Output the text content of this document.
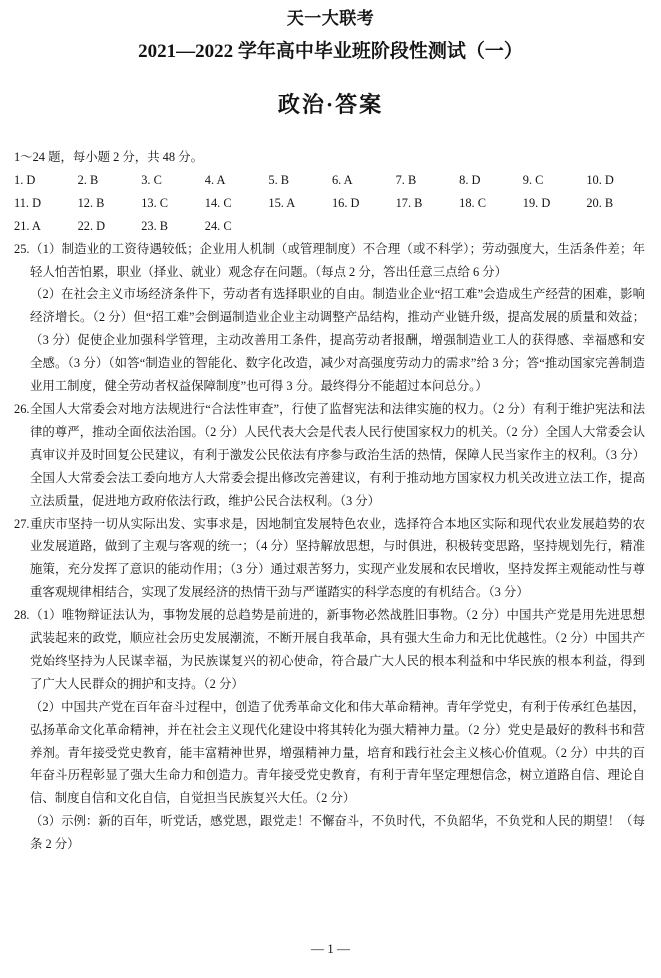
天一大联考
2021—2022 学年高中毕业班阶段性测试（一）
政治·答案

1～24 题，每小题 2 分，共 48 分。

1. D	2. B	3. C	4. A	5. B	6. A	7. B	8. D	9. C	10. D
11. D	12. B	13. C	14. C	15. A	16. D	17. B	18. C	19. D	20. B
21. A	22. D	23. B	24. C

25.（1）制造业的工资待遇较低；企业用人机制（或管理制度）不合理（或不科学）；劳动强度大，生活条件差；年轻人怕苦怕累，职业（择业、就业）观念存在问题。（每点 2 分，答出任意三点给 6 分）

（2）在社会主义市场经济条件下，劳动者有选择职业的自由。制造业企业“招工难”会造成生产经营的困难，影响经济增长。（2 分）但“招工难”会倒逼制造业企业主动调整产品结构，推动产业链升级，提高发展的质量和效益；（3 分）促使企业加强科学管理，主动改善用工条件，提高劳动者报酬，增强制造业工人的获得感、幸福感和安全感。（3 分）（如答“制造业的智能化、数字化改造，减少对高强度劳动力的需求”给 3 分；答“推动国家完善制造业用工制度，健全劳动者权益保障制度”也可得 3 分。最终得分不能超过本问总分。）

26.全国人大常委会对地方法规进行“合法性审查”，行使了监督宪法和法律实施的权力。（2 分）有利于维护宪法和法律的尊严，推动全面依法治国。（2 分）人民代表大会是代表人民行使国家权力的机关。（2 分）全国人大常委会认真审议并及时回复公民建议，有利于激发公民依法有序参与政治生活的热情，保障人民当家作主的权利。（3 分）全国人大常委会法工委向地方人大常委会提出修改完善建议，有利于推动地方国家权力机关改进立法工作，提高立法质量，促进地方政府依法行政，维护公民合法权利。（3 分）

27.重庆市坚持一切从实际出发、实事求是，因地制宜发展特色农业，选择符合本地区实际和现代农业发展趋势的农业发展道路，做到了主观与客观的统一；（4 分）坚持解放思想，与时俱进，积极转变思路，坚持规划先行，精准施策，充分发挥了意识的能动作用；（3 分）通过艰苦努力，实现产业发展和农民增收，坚持发挥主观能动性与尊重客观规律相结合，实现了发展经济的热情干劲与严谨踏实的科学态度的有机结合。（3 分）

28.（1）唯物辩证法认为，事物发展的总趋势是前进的，新事物必然战胜旧事物。（2 分）中国共产党是用先进思想武装起来的政党，顺应社会历史发展潮流，不断开展自我革命，具有强大生命力和无比优越性。（2 分）中国共产党始终坚持为人民谋幸福，为民族谋复兴的初心使命，符合最广大人民的根本利益和中华民族的根本利益，得到了广大人民群众的拥护和支持。（2 分）

（2）中国共产党在百年奋斗过程中，创造了优秀革命文化和伟大革命精神。青年学党史，有利于传承红色基因，弘扬革命文化革命精神，并在社会主义现代化建设中将其转化为强大精神力量。（2 分）党史是最好的教科书和营养剂。青年接受党史教育，能丰富精神世界，增强精神力量，培育和践行社会主义核心价值观。（2 分）中共的百年奋斗历程彰显了强大生命力和创造力。青年接受党史教育，有利于青年坚定理想信念，树立道路自信、理论自信、制度自信和文化自信，自觉担当民族复兴大任。（2 分）

（3）示例：新的百年，听党话，感党恩，跟党走！不懈奋斗，不负时代，不负韶华，不负党和人民的期望！（每条 2 分）

— 1 —
